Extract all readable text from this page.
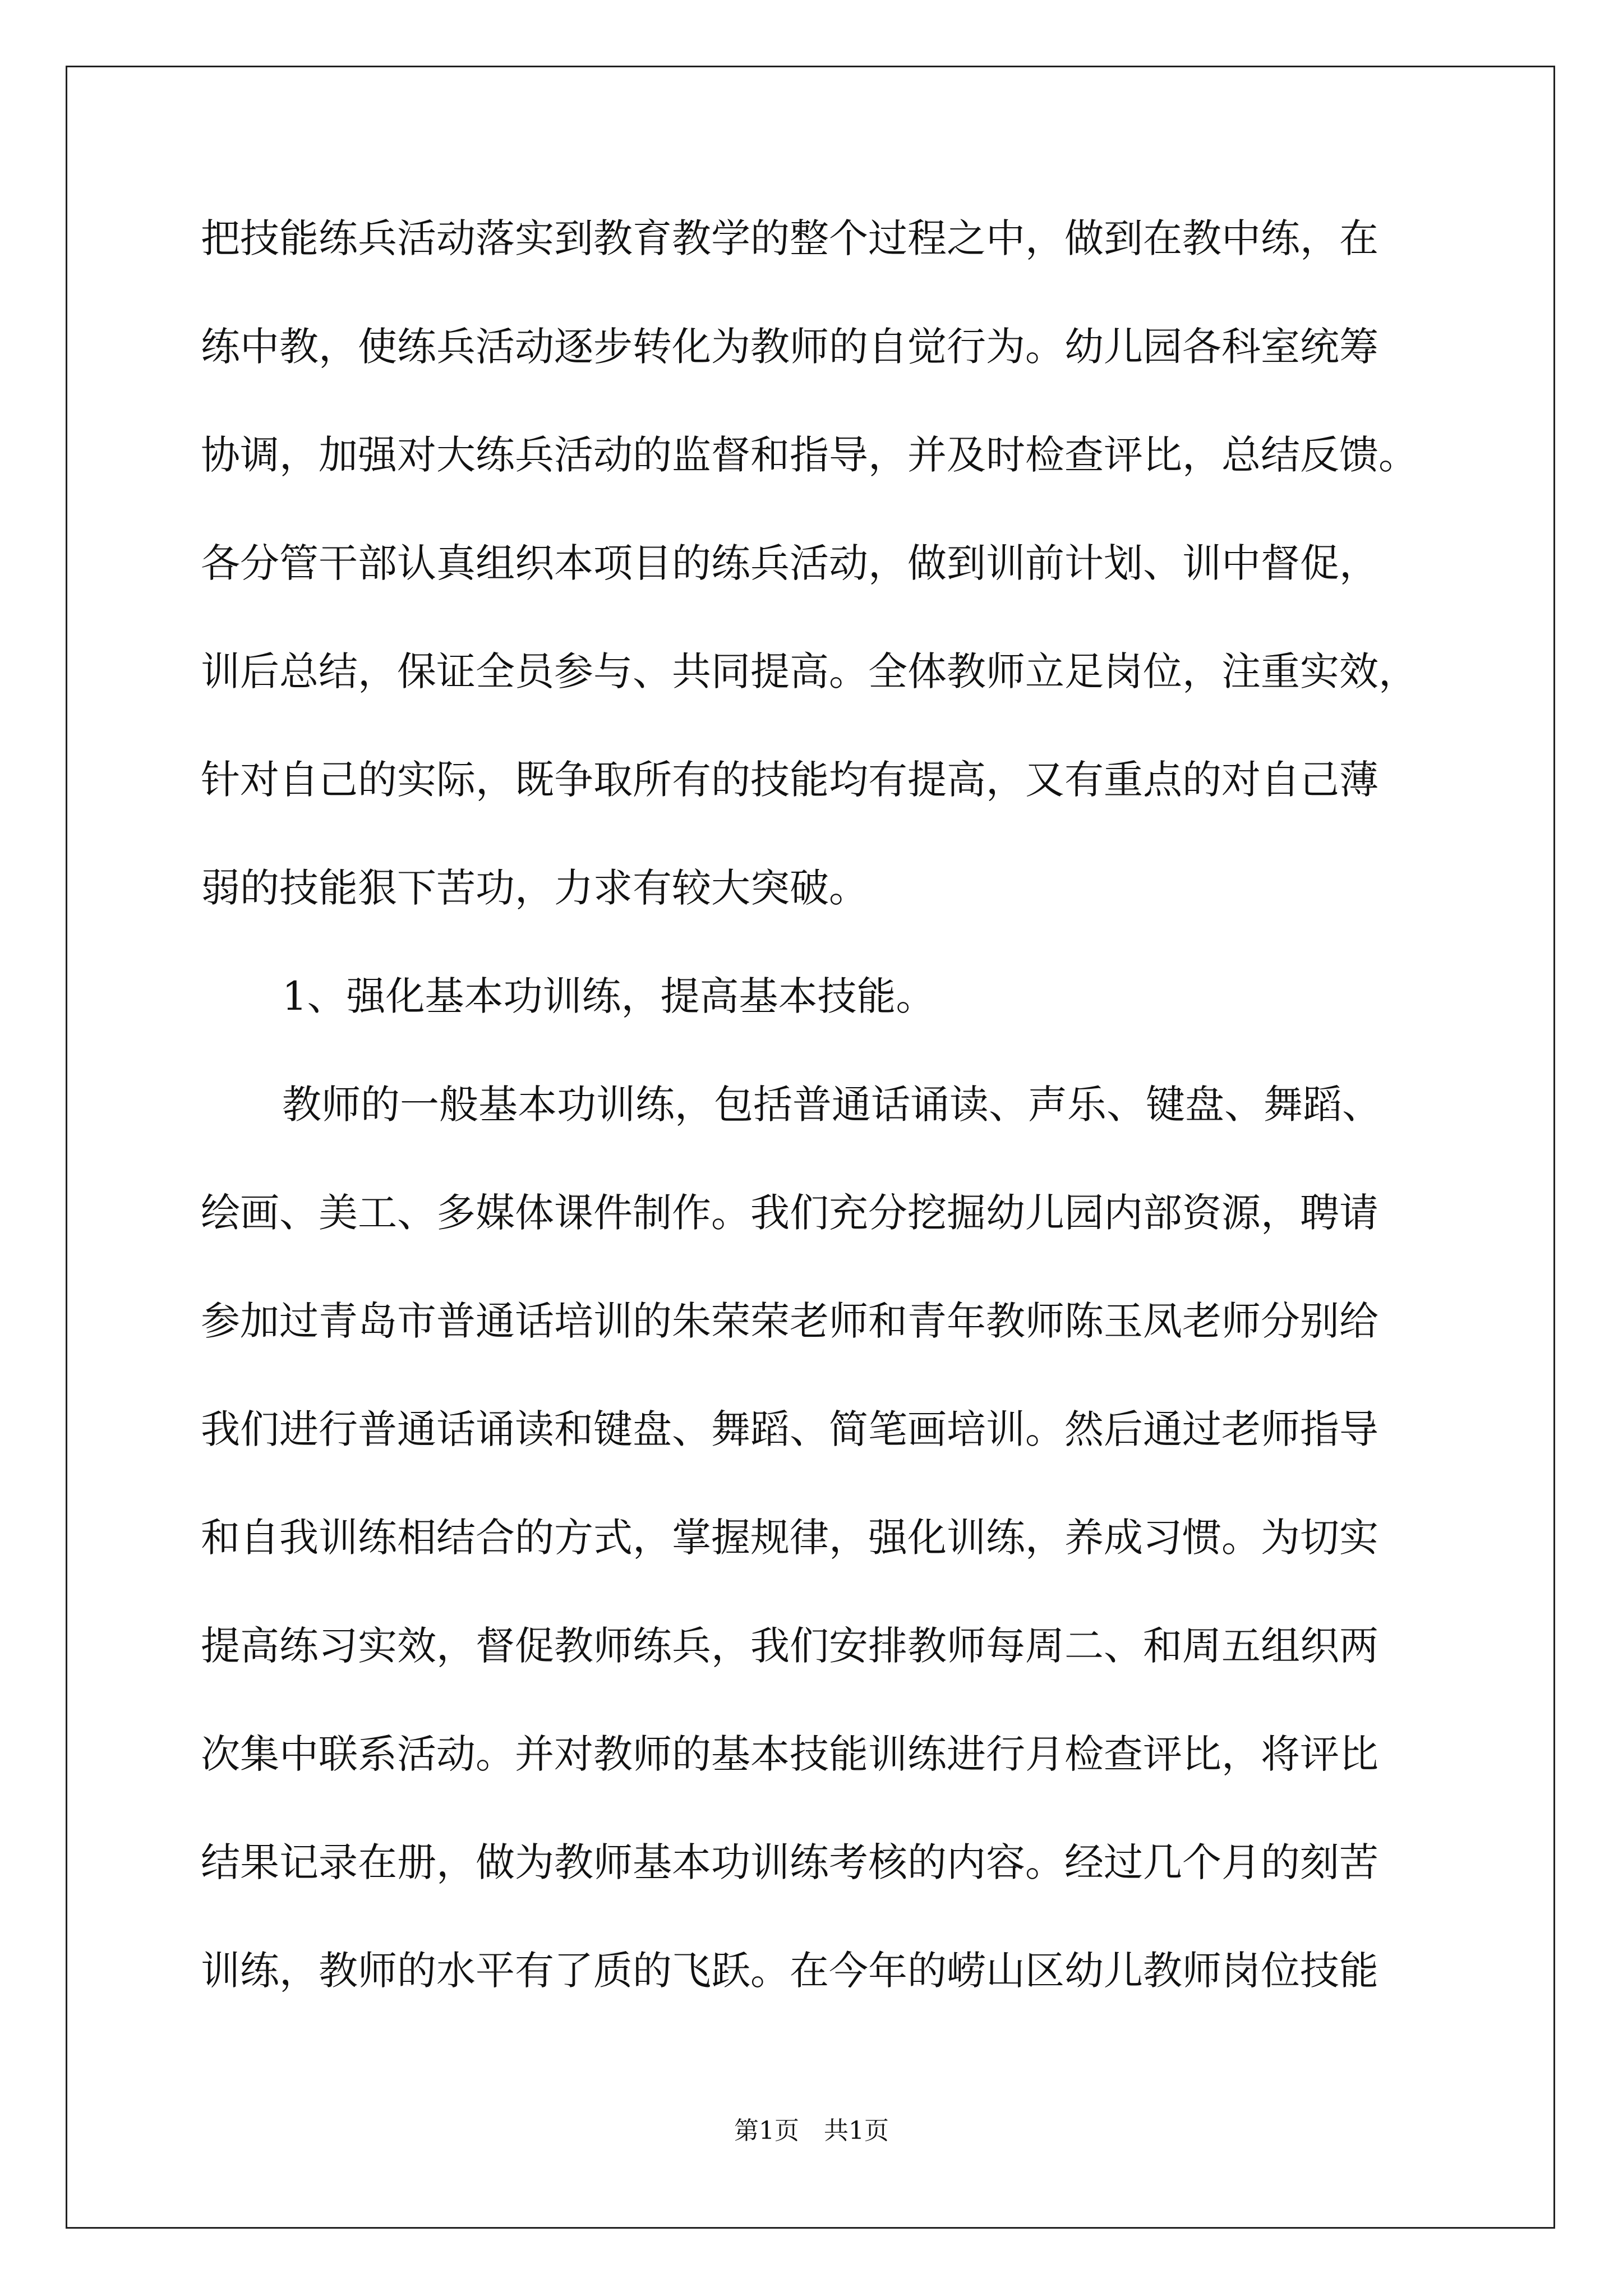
把技能练兵活动落实到教育教学的整个过程之中，做到在教中练，在
练中教，使练兵活动逐步转化为教师的自觉行为。幼儿园各科室统筹
协调，加强对大练兵活动的监督和指导，并及时检查评比，总结反馈。
各分管干部认真组织本项目的练兵活动，做到训前计划、训中督促，
训后总结，保证全员参与、共同提高。全体教师立足岗位，注重实效，
针对自己的实际，既争取所有的技能均有提高，又有重点的对自己薄
弱的技能狠下苦功，力求有较大突破。
1、强化基本功训练，提高基本技能。
教师的一般基本功训练，包括普通话诵读、声乐、键盘、舞蹈、
绘画、美工、多媒体课件制作。我们充分挖掘幼儿园内部资源，聘请
参加过青岛市普通话培训的朱荣荣老师和青年教师陈玉凤老师分别给
我们进行普通话诵读和键盘、舞蹈、简笔画培训。然后通过老师指导
和自我训练相结合的方式，掌握规律，强化训练，养成习惯。为切实
提高练习实效，督促教师练兵，我们安排教师每周二、和周五组织两
次集中联系活动。并对教师的基本技能训练进行月检查评比，将评比
结果记录在册，做为教师基本功训练考核的内容。经过几个月的刻苦
训练，教师的水平有了质的飞跃。在今年的崂山区幼儿教师岗位技能
第1页　共1页
